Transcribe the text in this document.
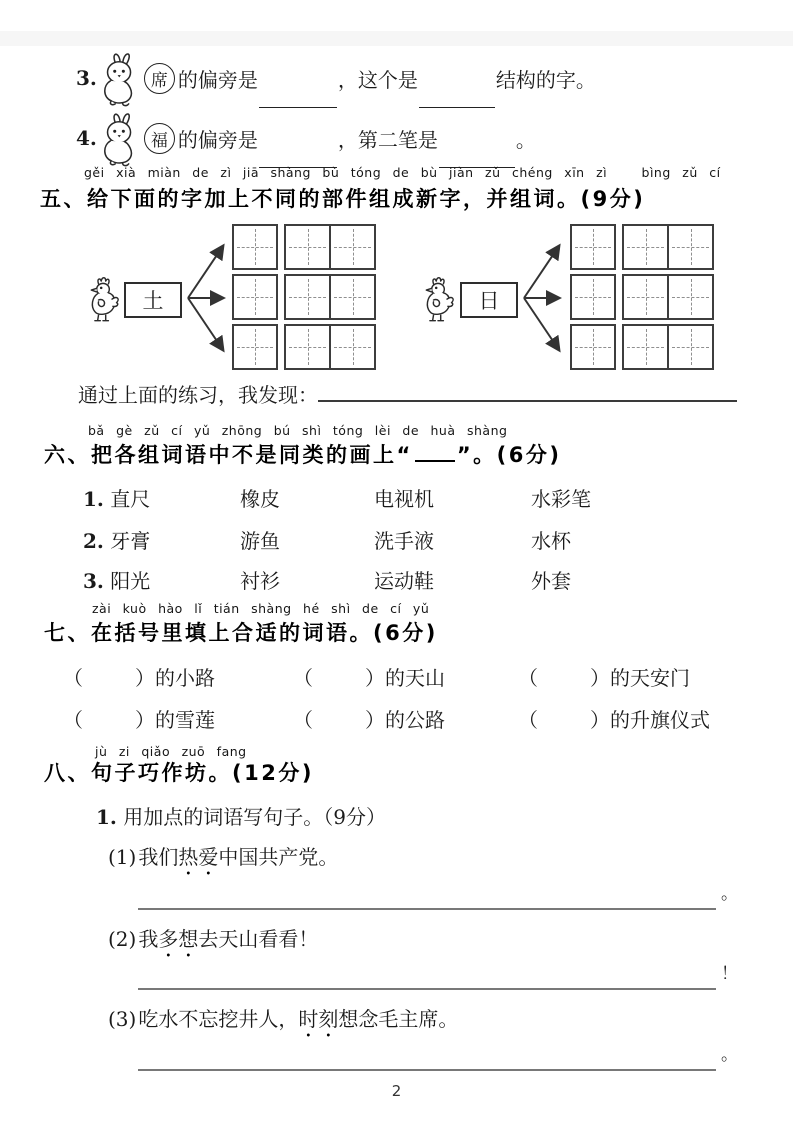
3.	席 的偏旁是	，这个是	结构的字。
4.	福 的偏旁是	，第二笔是	。
gěi xià miàn de zì jiā shàng bù tóng de bù jiàn zǔ chéng xīn zì   bìng zǔ cí
五、给下面的字加上不同的部件组成新字，并组词。(9分)
土	日
通过上面的练习，我发现：
bǎ gè zǔ cí yǔ zhōng bú shì tóng lèi de huà shàng
六、把各组词语中不是同类的画上“ ”。(6分)
1. 直尺	橡皮	电视机	水彩笔
2. 牙膏	游鱼	洗手液	水杯
3. 阳光	衬衫	运动鞋	外套
zài kuò hào lǐ tián shàng hé shì de cí yǔ
七、在括号里填上合适的词语。(6分)
（	） 的小路	（	） 的天山	（	） 的天安门
（	） 的雪莲	（	） 的公路	（	） 的升旗仪式
jù zi qiǎo zuō fang
八、句子巧作坊。(12分)
1. 用加点的词语写句子。（9分）
(1) 我们热爱中国共产党。
。
(2) 我多想去天山看看！
！
(3) 吃水不忘挖井人，时刻想念毛主席。
。
2
